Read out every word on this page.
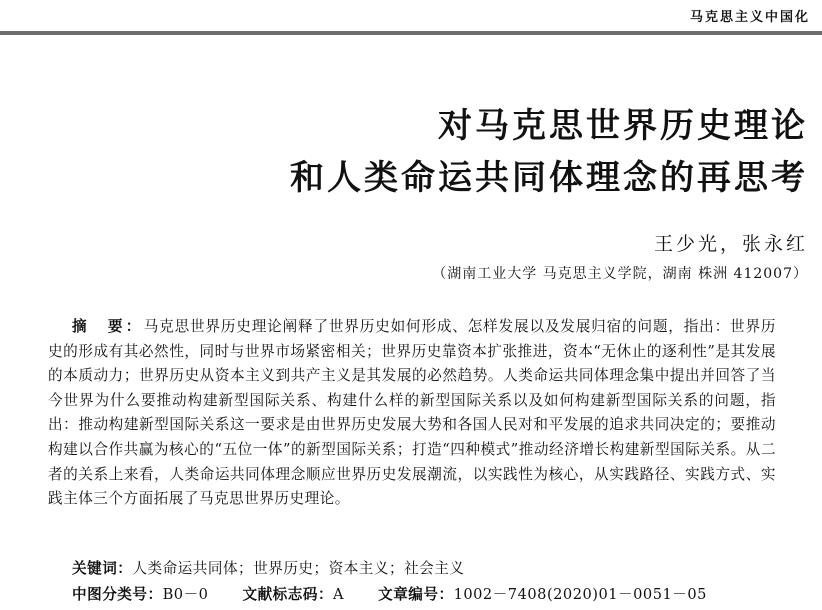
马克思主义中国化
对马克思世界历史理论
和人类命运共同体理念的再思考
王少光，张永红
（湖南工业大学 马克思主义学院，湖南 株洲 412007）
摘　要：马克思世界历史理论阐释了世界历史如何形成、怎样发展以及发展归宿的问题，指出：世界历史的形成有其必然性，同时与世界市场紧密相关；世界历史靠资本扩张推进，资本“无休止的逐利性”是其发展的本质动力；世界历史从资本主义到共产主义是其发展的必然趋势。人类命运共同体理念集中提出并回答了当今世界为什么要推动构建新型国际关系、构建什么样的新型国际关系以及如何构建新型国际关系的问题，指出：推动构建新型国际关系这一要求是由世界历史发展大势和各国人民对和平发展的追求共同决定的；要推动构建以合作共赢为核心的“五位一体”的新型国际关系；打造“四种模式”推动经济增长构建新型国际关系。从二者的关系上来看，人类命运共同体理念顺应世界历史发展潮流，以实践性为核心，从实践路径、实践方式、实践主体三个方面拓展了马克思世界历史理论。
关键词：人类命运共同体；世界历史；资本主义；社会主义
中图分类号：B0－0 文献标志码：A 文章编号：1002－7408(2020)01－0051－05
